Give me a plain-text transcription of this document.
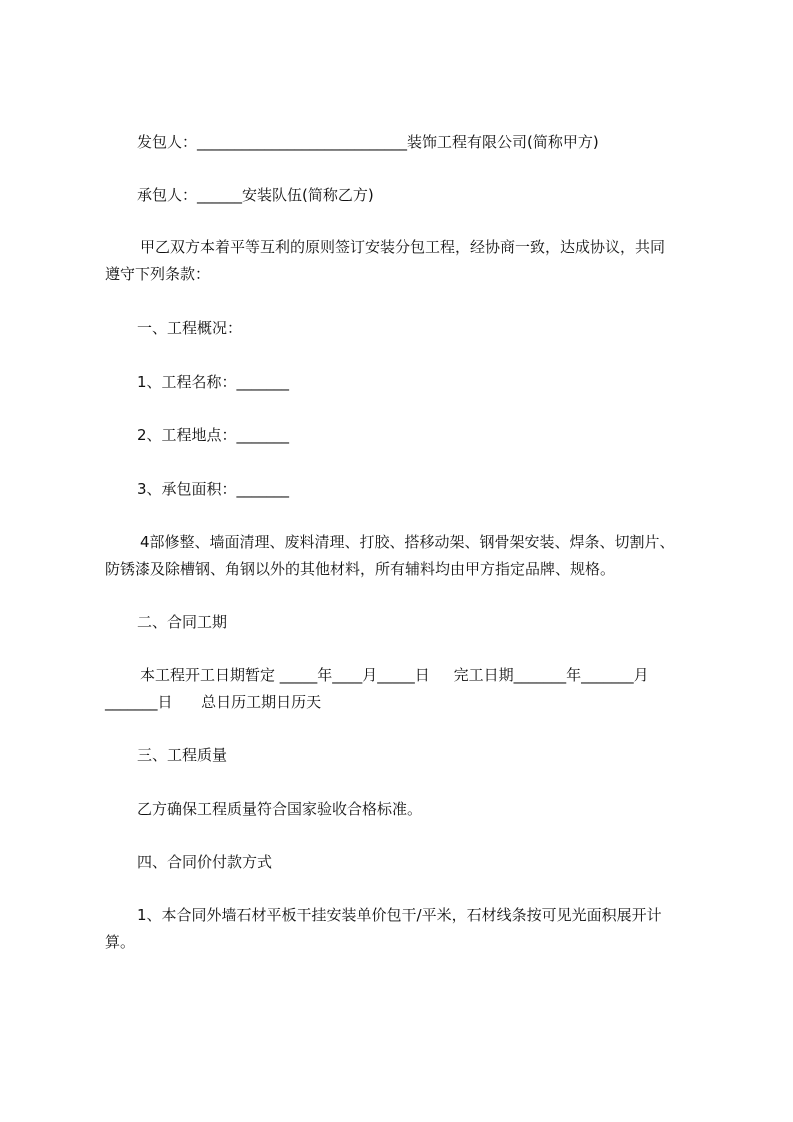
发包人：____________________________装饰工程有限公司(简称甲方)
承包人：______安装队伍(简称乙方)
甲乙双方本着平等互利的原则签订安装分包工程，经协商一致，达成协议，共同
遵守下列条款：
一、工程概况：
1、工程名称：_______
2、工程地点：_______
3、承包面积：_______
4部修整、墙面清理、废料清理、打胶、搭移动架、钢骨架安装、焊条、切割片、
防锈漆及除槽钢、角钢以外的其他材料，所有辅料均由甲方指定品牌、规格。
二、合同工期
本工程开工日期暂定 _____年____月_____日     完工日期_______年_______月
_______日      总日历工期日历天
三、工程质量
乙方确保工程质量符合国家验收合格标准。
四、合同价付款方式
1、本合同外墙石材平板干挂安装单价包干/平米，石材线条按可见光面积展开计
算。
